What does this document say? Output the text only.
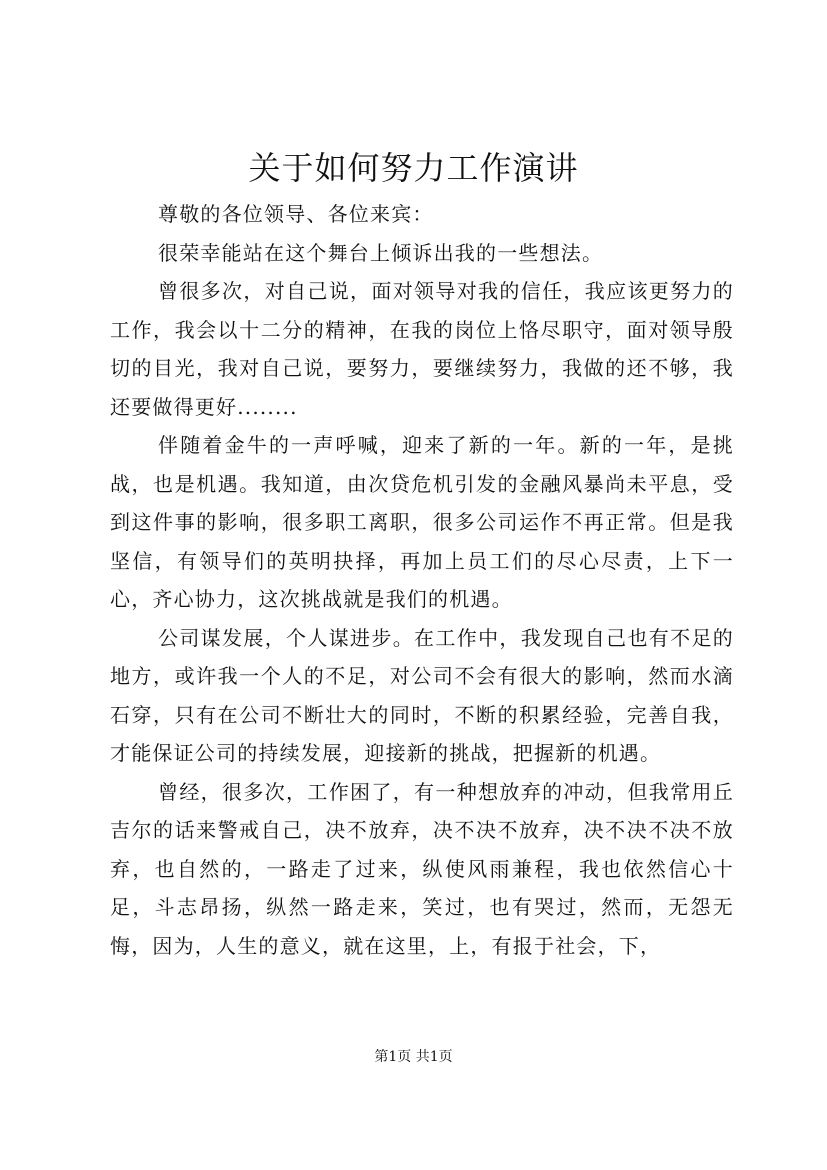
关于如何努力工作演讲

尊敬的各位领导、各位来宾：

很荣幸能站在这个舞台上倾诉出我的一些想法。

曾很多次，对自己说，面对领导对我的信任，我应该更努力的工作，我会以十二分的精神，在我的岗位上恪尽职守，面对领导殷切的目光，我对自己说，要努力，要继续努力，我做的还不够，我还要做得更好........

伴随着金牛的一声呼喊，迎来了新的一年。新的一年，是挑战，也是机遇。我知道，由次贷危机引发的金融风暴尚未平息，受到这件事的影响，很多职工离职，很多公司运作不再正常。但是我坚信，有领导们的英明抉择，再加上员工们的尽心尽责，上下一心，齐心协力，这次挑战就是我们的机遇。

公司谋发展，个人谋进步。在工作中，我发现自己也有不足的地方，或许我一个人的不足，对公司不会有很大的影响，然而水滴石穿，只有在公司不断壮大的同时，不断的积累经验，完善自我，才能保证公司的持续发展，迎接新的挑战，把握新的机遇。

曾经，很多次，工作困了，有一种想放弃的冲动，但我常用丘吉尔的话来警戒自己，决不放弃，决不决不放弃，决不决不决不放弃，也自然的，一路走了过来，纵使风雨兼程，我也依然信心十足，斗志昂扬，纵然一路走来，笑过，也有哭过，然而，无怨无悔，因为，人生的意义，就在这里，上，有报于社会，下，

第1页 共1页
